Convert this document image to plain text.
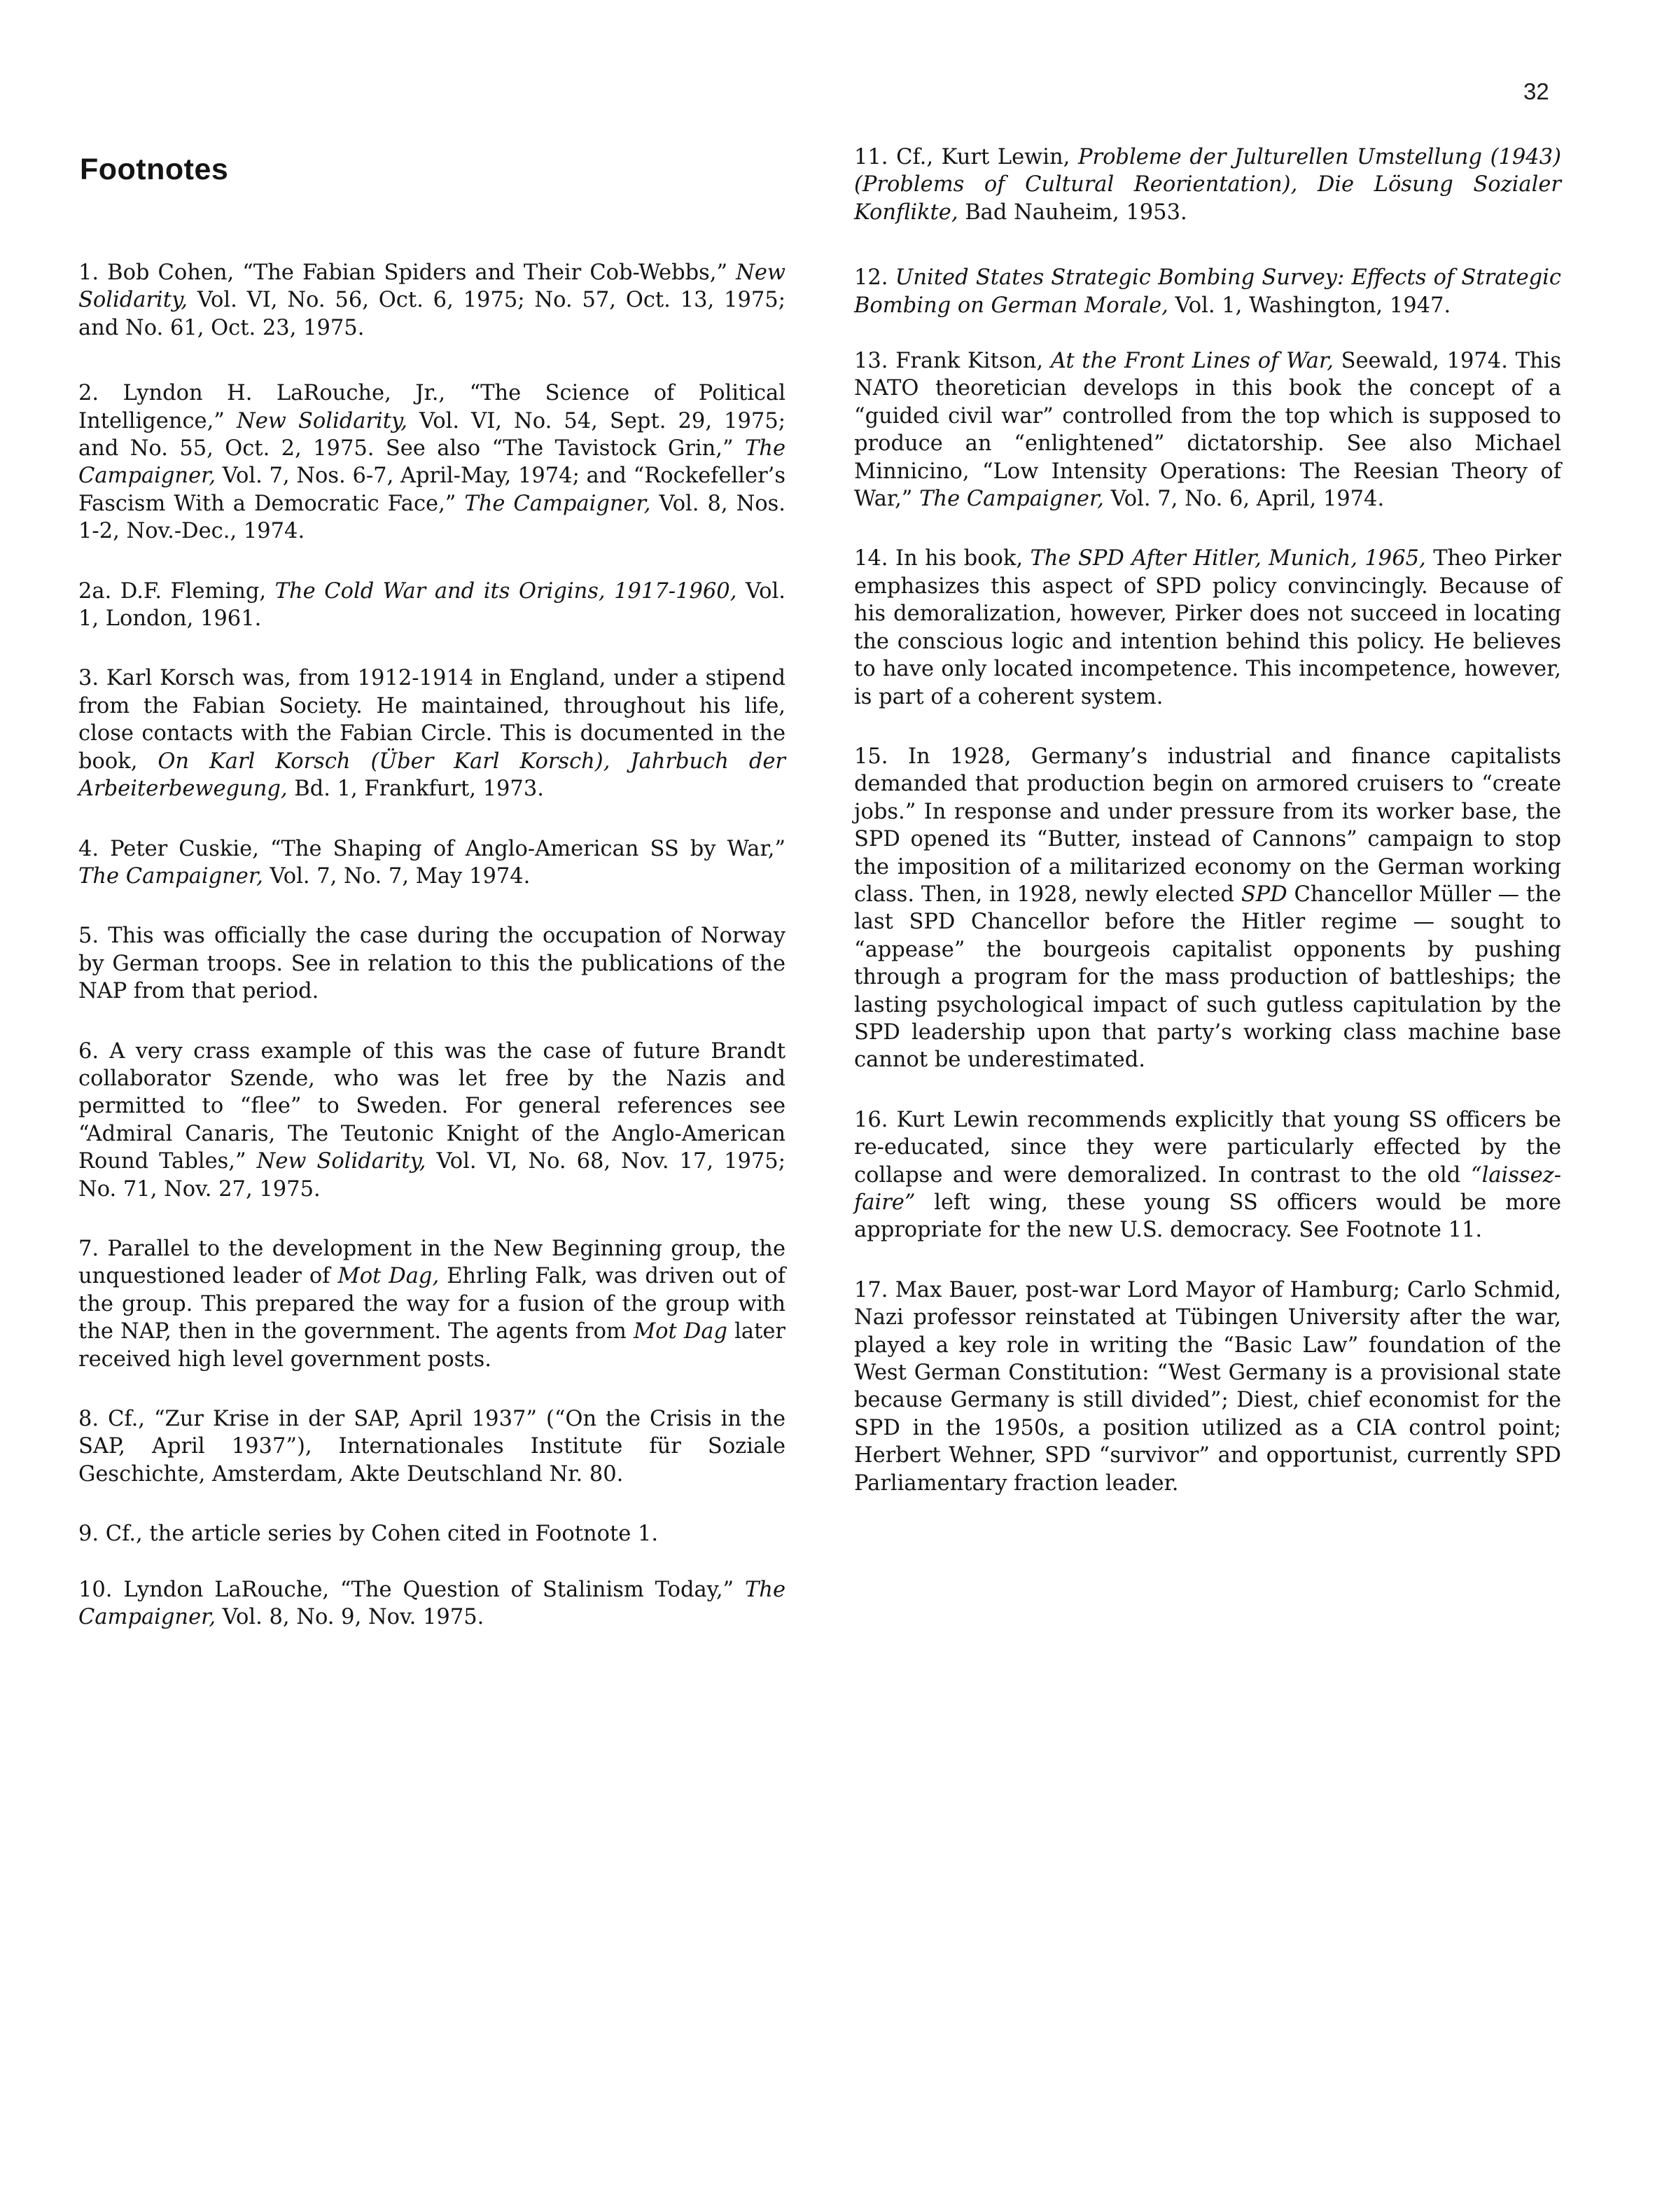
32
Footnotes

1. Bob Cohen, “The Fabian Spiders and Their Cob-Webbs,” New Solidarity, Vol. VI, No. 56, Oct. 6, 1975; No. 57, Oct. 13, 1975; and No. 61, Oct. 23, 1975.

2. Lyndon H. LaRouche, Jr., “The Science of Political Intelligence,” New Solidarity, Vol. VI, No. 54, Sept. 29, 1975; and No. 55, Oct. 2, 1975. See also “The Tavistock Grin,” The Campaigner, Vol. 7, Nos. 6-7, April-May, 1974; and “Rockefeller’s Fascism With a Democratic Face,” The Campaigner, Vol. 8, Nos. 1-2, Nov.-Dec., 1974.

2a. D.F. Fleming, The Cold War and its Origins, 1917-1960, Vol. 1, London, 1961.

3. Karl Korsch was, from 1912-1914 in England, under a stipend from the Fabian Society. He maintained, throughout his life, close contacts with the Fabian Circle. This is documented in the book, On Karl Korsch (Über Karl Korsch), Jahrbuch der Arbeiterbewegung, Bd. 1, Frankfurt, 1973.

4. Peter Cuskie, “The Shaping of Anglo-American SS by War,” The Campaigner, Vol. 7, No. 7, May 1974.

5. This was officially the case during the occupation of Norway by German troops. See in relation to this the publications of the NAP from that period.

6. A very crass example of this was the case of future Brandt collaborator Szende, who was let free by the Nazis and permitted to “flee” to Sweden. For general references see “Admiral Canaris, The Teutonic Knight of the Anglo-American Round Tables,” New Solidarity, Vol. VI, No. 68, Nov. 17, 1975; No. 71, Nov. 27, 1975.

7. Parallel to the development in the New Beginning group, the unquestioned leader of Mot Dag, Ehrling Falk, was driven out of the group. This prepared the way for a fusion of the group with the NAP, then in the government. The agents from Mot Dag later received high level government posts.

8. Cf., “Zur Krise in der SAP, April 1937” (“On the Crisis in the SAP, April 1937”), Internationales Institute für Soziale Geschichte, Amsterdam, Akte Deutschland Nr. 80.

9. Cf., the article series by Cohen cited in Footnote 1.

10. Lyndon LaRouche, “The Question of Stalinism Today,” The Campaigner, Vol. 8, No. 9, Nov. 1975.

11. Cf., Kurt Lewin, Probleme der Julturellen Umstellung (1943) (Problems of Cultural Reorientation), Die Lösung Sozialer Konflikte, Bad Nauheim, 1953.

12. United States Strategic Bombing Survey: Effects of Strategic Bombing on German Morale, Vol. 1, Washington, 1947.

13. Frank Kitson, At the Front Lines of War, Seewald, 1974. This NATO theoretician develops in this book the concept of a “guided civil war” controlled from the top which is supposed to produce an “enlightened” dictatorship. See also Michael Minnicino, “Low Intensity Operations: The Reesian Theory of War,” The Campaigner, Vol. 7, No. 6, April, 1974.

14. In his book, The SPD After Hitler, Munich, 1965, Theo Pirker emphasizes this aspect of SPD policy convincingly. Because of his demoralization, however, Pirker does not succeed in locating the conscious logic and intention behind this policy. He believes to have only located incompetence. This incompetence, however, is part of a coherent system.

15. In 1928, Germany’s industrial and finance capitalists demanded that production begin on armored cruisers to “create jobs.” In response and under pressure from its worker base, the SPD opened its “Butter, instead of Cannons” campaign to stop the imposition of a militarized economy on the German working class. Then, in 1928, newly elected SPD Chancellor Müller — the last SPD Chancellor before the Hitler regime — sought to “appease” the bourgeois capitalist opponents by pushing through a program for the mass production of battleships; the lasting psychological impact of such gutless capitulation by the SPD leadership upon that party’s working class machine base cannot be underestimated.

16. Kurt Lewin recommends explicitly that young SS officers be re-educated, since they were particularly effected by the collapse and were demoralized. In contrast to the old “laissez-faire” left wing, these young SS officers would be more appropriate for the new U.S. democracy. See Footnote 11.

17. Max Bauer, post-war Lord Mayor of Hamburg; Carlo Schmid, Nazi professor reinstated at Tübingen University after the war, played a key role in writing the “Basic Law” foundation of the West German Constitution: “West Germany is a provisional state because Germany is still divided”; Diest, chief economist for the SPD in the 1950s, a position utilized as a CIA control point; Herbert Wehner, SPD “survivor” and opportunist, currently SPD Parliamentary fraction leader.
